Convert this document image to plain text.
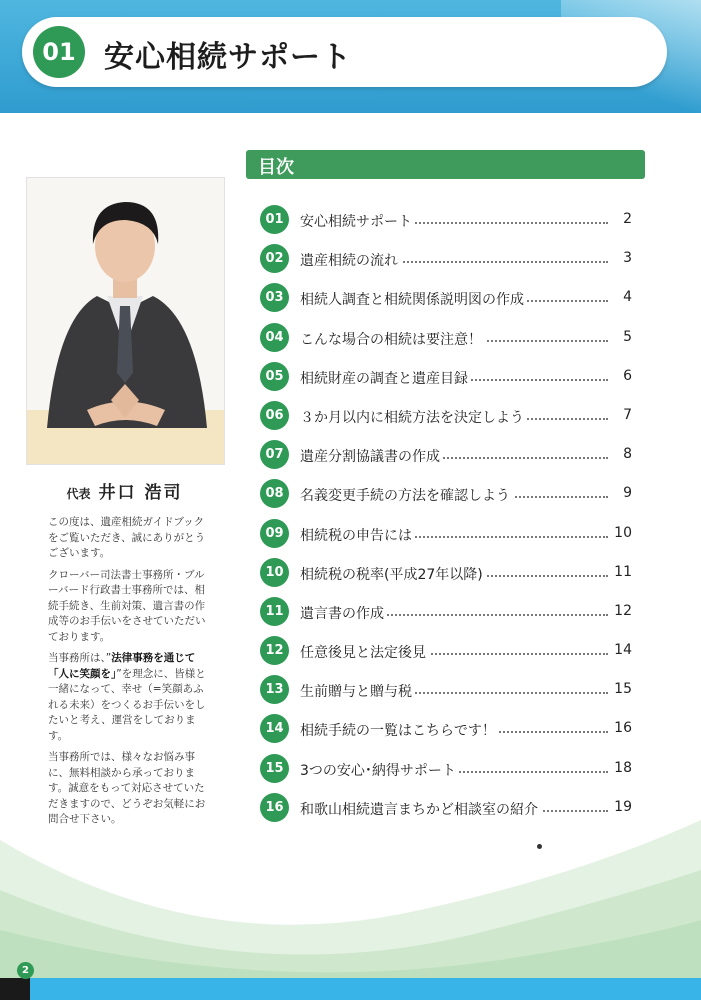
01 安心相続サポート
代表 井口 浩司

この度は、遺産相続ガイドブックをご覧いただき、誠にありがとうございます。

クローバー司法書士事務所・ブルーバード行政書士事務所では、相続手続き、生前対策、遺言書の作成等のお手伝いをさせていただいております。

当事務所は、”法律事務を通じて「人に笑顔を」”を理念に、皆様と一緒になって、幸せ（=笑顔あふれる未来）をつくるお手伝いをしたいと考え、運営をしております。

当事務所では、様々なお悩み事に、無料相談から承っております。誠意をもって対応させていただきますので、どうぞお気軽にお問合せ下さい。

目次
01	安心相続サポート	2
02	遺産相続の流れ	3
03	相続人調査と相続関係説明図の作成	4
04	こんな場合の相続は要注意！	5
05	相続財産の調査と遺産目録	6
06	３か月以内に相続方法を決定しよう	7
07	遺産分割協議書の作成	8
08	名義変更手続の方法を確認しよう	9
09	相続税の申告には	10
10	相続税の税率(平成27年以降)	11
11	遺言書の作成	12
12	任意後見と法定後見	14
13	生前贈与と贈与税	15
14	相続手続の一覧はこちらです！	16
15	3つの安心･納得サポート	18
16	和歌山相続遺言まちかど相談室の紹介	19
2
